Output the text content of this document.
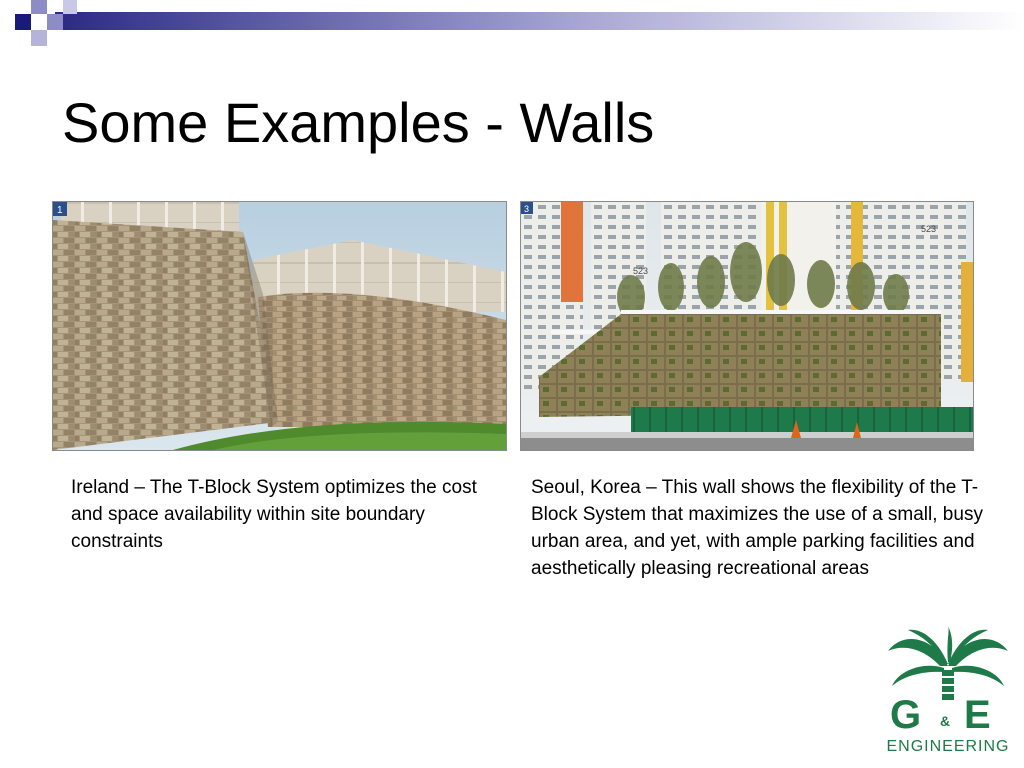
Some Examples - Walls
1
523
523
3
Ireland – The T-Block System optimizes the cost and space availability within site boundary constraints
Seoul, Korea – This wall shows the flexibility of the T-Block System that maximizes the use of a small, busy urban area, and yet, with ample parking facilities and aesthetically pleasing recreational areas
G & E
ENGINEERING
